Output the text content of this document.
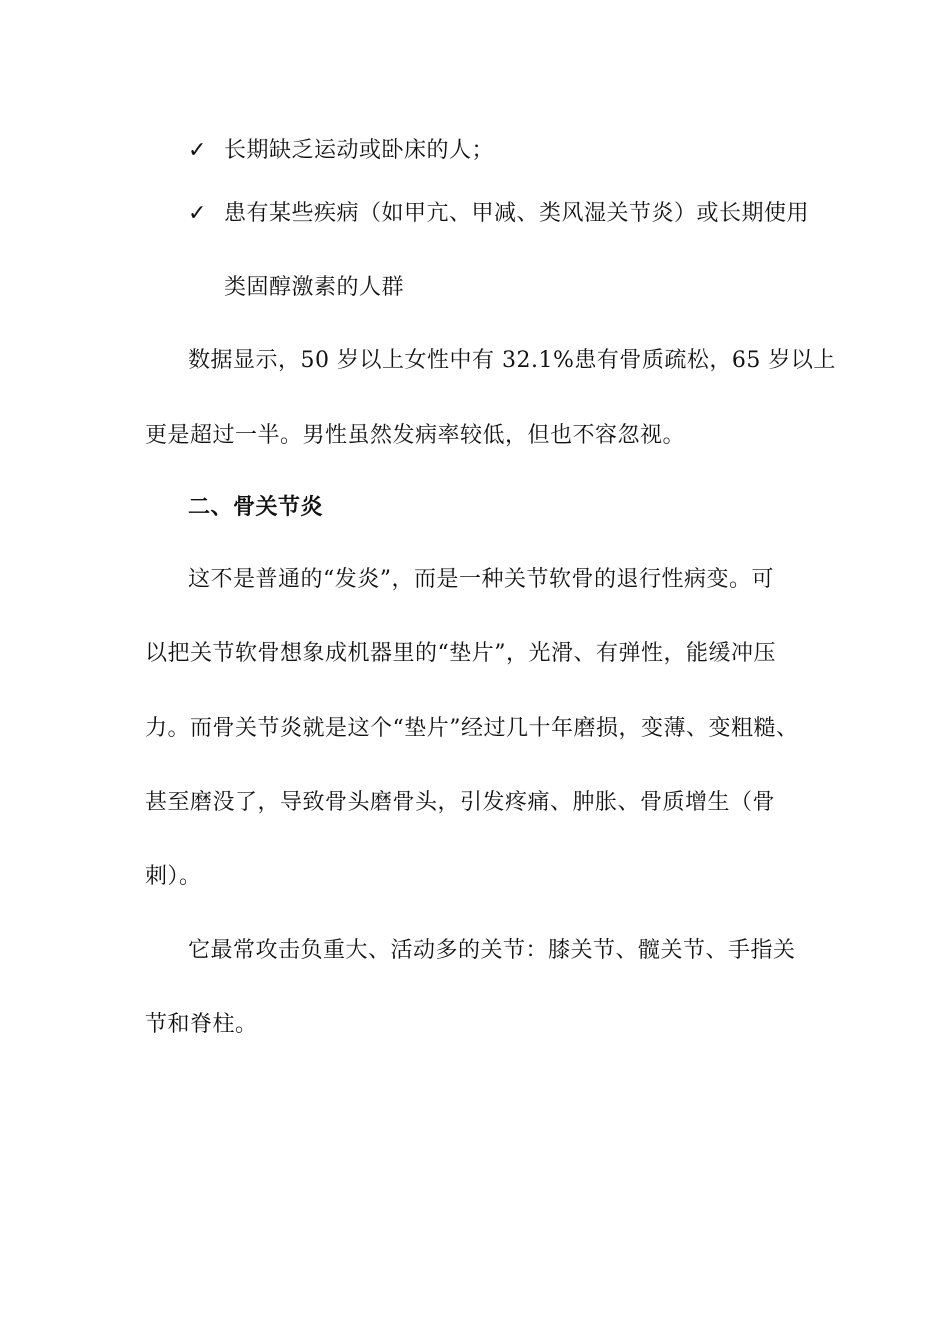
✓ 长期缺乏运动或卧床的人；
✓ 患有某些疾病（如甲亢、甲减、类风湿关节炎）或长期使用
类固醇激素的人群
数据显示，50 岁以上女性中有 32.1%患有骨质疏松，65 岁以上
更是超过一半。男性虽然发病率较低，但也不容忽视。
二、骨关节炎
这不是普通的“发炎”，而是一种关节软骨的退行性病变。可
以把关节软骨想象成机器里的“垫片”，光滑、有弹性，能缓冲压
力。而骨关节炎就是这个“垫片”经过几十年磨损，变薄、变粗糙、
甚至磨没了，导致骨头磨骨头，引发疼痛、肿胀、骨质增生（骨
刺）。
它最常攻击负重大、活动多的关节：膝关节、髋关节、手指关
节和脊柱。
